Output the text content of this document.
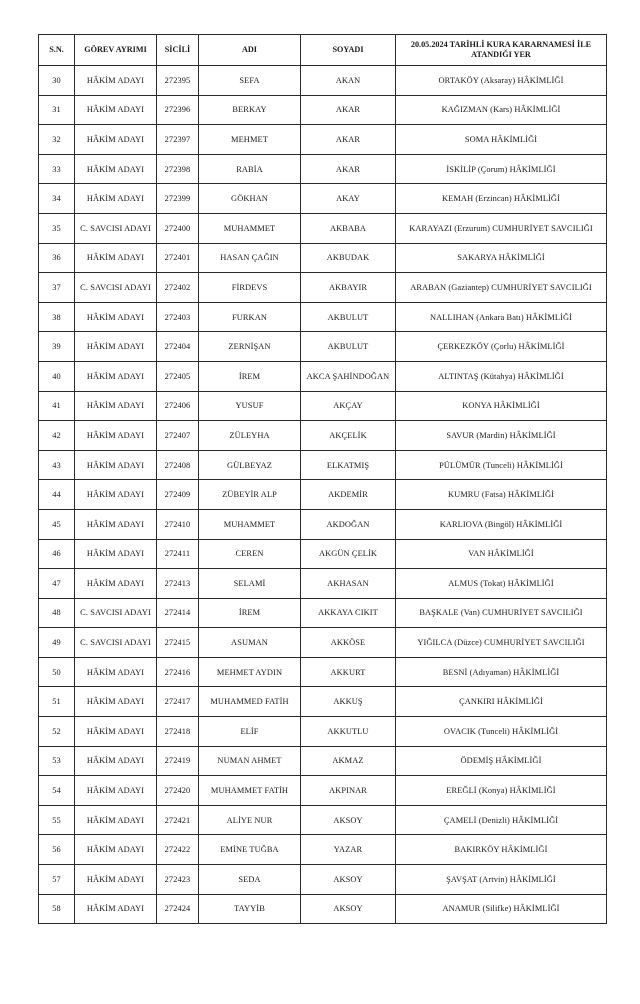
S.N.	GÖREV AYRIMI	SİCİLİ	ADI	SOYADI	20.05.2024 TARİHLİ KURA KARARNAMESİ İLE ATANDIĞI YER
30	HÂKİM ADAYI	272395	SEFA	AKAN	ORTAKÖY (Aksaray) HÂKİMLİĞİ
31	HÂKİM ADAYI	272396	BERKAY	AKAR	KAĞIZMAN (Kars) HÂKİMLİĞİ
32	HÂKİM ADAYI	272397	MEHMET	AKAR	SOMA HÂKİMLİĞİ
33	HÂKİM ADAYI	272398	RABİA	AKAR	İSKİLİP (Çorum) HÂKİMLİĞİ
34	HÂKİM ADAYI	272399	GÖKHAN	AKAY	KEMAH (Erzincan) HÂKİMLİĞİ
35	C. SAVCISI ADAYI	272400	MUHAMMET	AKBABA	KARAYAZI (Erzurum) CUMHURİYET SAVCILIĞI
36	HÂKİM ADAYI	272401	HASAN ÇAĞIN	AKBUDAK	SAKARYA HÂKİMLİĞİ
37	C. SAVCISI ADAYI	272402	FİRDEVS	AKBAYIR	ARABAN (Gaziantep) CUMHURİYET SAVCILIĞI
38	HÂKİM ADAYI	272403	FURKAN	AKBULUT	NALLIHAN (Ankara Batı) HÂKİMLİĞİ
39	HÂKİM ADAYI	272404	ZERNİŞAN	AKBULUT	ÇERKEZKÖY (Çorlu) HÂKİMLİĞİ
40	HÂKİM ADAYI	272405	İREM	AKCA ŞAHİNDOĞAN	ALTINTAŞ (Kütahya) HÂKİMLİĞİ
41	HÂKİM ADAYI	272406	YUSUF	AKÇAY	KONYA HÂKİMLİĞİ
42	HÂKİM ADAYI	272407	ZÜLEYHA	AKÇELİK	SAVUR (Mardin) HÂKİMLİĞİ
43	HÂKİM ADAYI	272408	GÜLBEYAZ	ELKATMIŞ	PÜLÜMÜR (Tunceli) HÂKİMLİĞİ
44	HÂKİM ADAYI	272409	ZÜBEYİR ALP	AKDEMİR	KUMRU (Fatsa) HÂKİMLİĞİ
45	HÂKİM ADAYI	272410	MUHAMMET	AKDOĞAN	KARLIOVA (Bingöl) HÂKİMLİĞİ
46	HÂKİM ADAYI	272411	CEREN	AKGÜN ÇELİK	VAN HÂKİMLİĞİ
47	HÂKİM ADAYI	272413	SELAMİ	AKHASAN	ALMUS (Tokat) HÂKİMLİĞİ
48	C. SAVCISI ADAYI	272414	İREM	AKKAYA CIKIT	BAŞKALE (Van) CUMHURİYET SAVCILIĞI
49	C. SAVCISI ADAYI	272415	ASUMAN	AKKÖSE	YIĞILCA (Düzce) CUMHURİYET SAVCILIĞI
50	HÂKİM ADAYI	272416	MEHMET AYDIN	AKKURT	BESNİ (Adıyaman) HÂKİMLİĞİ
51	HÂKİM ADAYI	272417	MUHAMMED FATİH	AKKUŞ	ÇANKIRI HÂKİMLİĞİ
52	HÂKİM ADAYI	272418	ELİF	AKKUTLU	OVACIK (Tunceli) HÂKİMLİĞİ
53	HÂKİM ADAYI	272419	NUMAN AHMET	AKMAZ	ÖDEMİŞ HÂKİMLİĞİ
54	HÂKİM ADAYI	272420	MUHAMMET FATİH	AKPINAR	EREĞLİ (Konya) HÂKİMLİĞİ
55	HÂKİM ADAYI	272421	ALİYE NUR	AKSOY	ÇAMELİ (Denizli) HÂKİMLİĞİ
56	HÂKİM ADAYI	272422	EMİNE TUĞBA	YAZAR	BAKIRKÖY HÂKİMLİĞİ
57	HÂKİM ADAYI	272423	SEDA	AKSOY	ŞAVŞAT (Artvin) HÂKİMLİĞİ
58	HÂKİM ADAYI	272424	TAYYİB	AKSOY	ANAMUR (Silifke) HÂKİMLİĞİ
